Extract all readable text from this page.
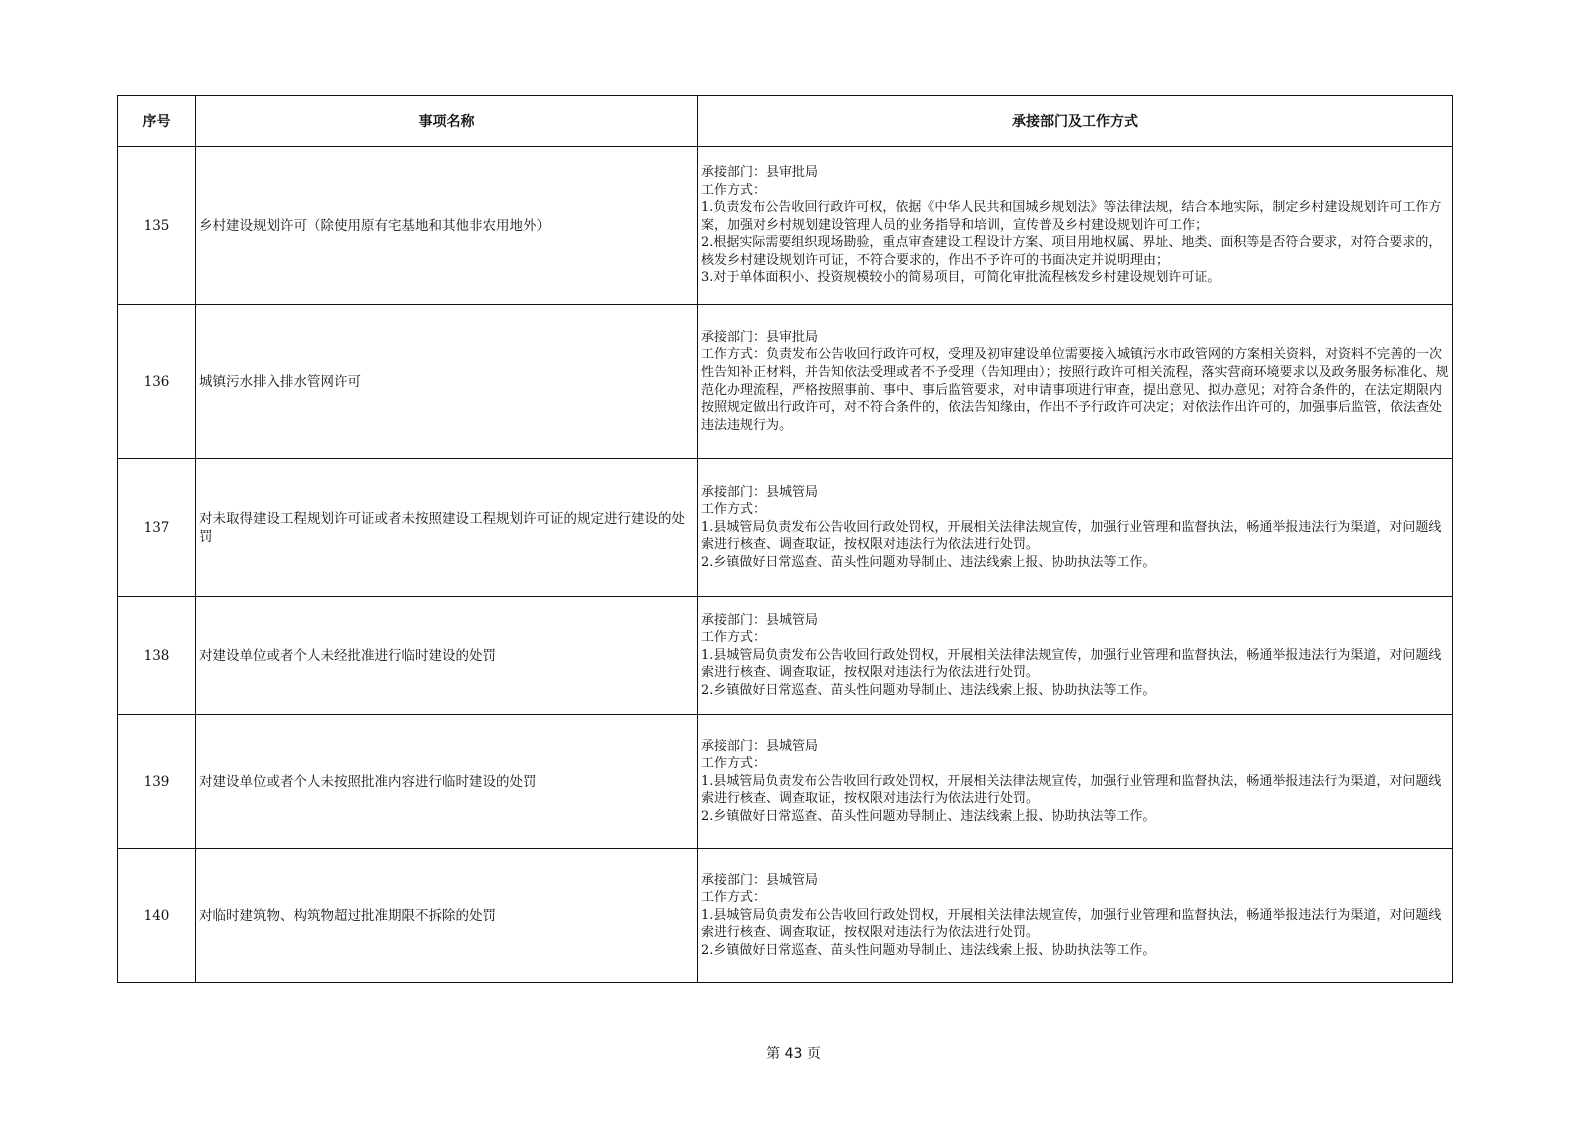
序号	事项名称	承接部门及工作方式
135	乡村建设规划许可（除使用原有宅基地和其他非农用地外）	承接部门：县审批局
工作方式：
1.负责发布公告收回行政许可权，依据《中华人民共和国城乡规划法》等法律法规，结合本地实际，制定乡村建设规划许可工作方案，加强对乡村规划建设管理人员的业务指导和培训，宣传普及乡村建设规划许可工作；
2.根据实际需要组织现场勘验，重点审查建设工程设计方案、项目用地权属、界址、地类、面积等是否符合要求，对符合要求的，核发乡村建设规划许可证，不符合要求的，作出不予许可的书面决定并说明理由；
3.对于单体面积小、投资规模较小的简易项目，可简化审批流程核发乡村建设规划许可证。

136	城镇污水排入排水管网许可	承接部门：县审批局
工作方式：负责发布公告收回行政许可权，受理及初审建设单位需要接入城镇污水市政管网的方案相关资料，对资料不完善的一次性告知补正材料，并告知依法受理或者不予受理（告知理由）；按照行政许可相关流程，落实营商环境要求以及政务服务标准化、规范化办理流程，严格按照事前、事中、事后监管要求，对申请事项进行审查，提出意见、拟办意见；对符合条件的，在法定期限内按照规定做出行政许可，对不符合条件的，依法告知缘由，作出不予行政许可决定；对依法作出许可的，加强事后监管，依法查处违法违规行为。

137	对未取得建设工程规划许可证或者未按照建设工程规划许可证的规定进行建设的处罚	承接部门：县城管局
工作方式：
1.县城管局负责发布公告收回行政处罚权，开展相关法律法规宣传，加强行业管理和监督执法，畅通举报违法行为渠道，对问题线索进行核查、调查取证，按权限对违法行为依法进行处罚。
2.乡镇做好日常巡查、苗头性问题劝导制止、违法线索上报、协助执法等工作。

138	对建设单位或者个人未经批准进行临时建设的处罚	承接部门：县城管局
工作方式：
1.县城管局负责发布公告收回行政处罚权，开展相关法律法规宣传，加强行业管理和监督执法，畅通举报违法行为渠道，对问题线索进行核查、调查取证，按权限对违法行为依法进行处罚。
2.乡镇做好日常巡查、苗头性问题劝导制止、违法线索上报、协助执法等工作。

139	对建设单位或者个人未按照批准内容进行临时建设的处罚	承接部门：县城管局
工作方式：
1.县城管局负责发布公告收回行政处罚权，开展相关法律法规宣传，加强行业管理和监督执法，畅通举报违法行为渠道，对问题线索进行核查、调查取证，按权限对违法行为依法进行处罚。
2.乡镇做好日常巡查、苗头性问题劝导制止、违法线索上报、协助执法等工作。

140	对临时建筑物、构筑物超过批准期限不拆除的处罚	承接部门：县城管局
工作方式：
1.县城管局负责发布公告收回行政处罚权，开展相关法律法规宣传，加强行业管理和监督执法，畅通举报违法行为渠道，对问题线索进行核查、调查取证，按权限对违法行为依法进行处罚。
2.乡镇做好日常巡查、苗头性问题劝导制止、违法线索上报、协助执法等工作。
第 43 页
